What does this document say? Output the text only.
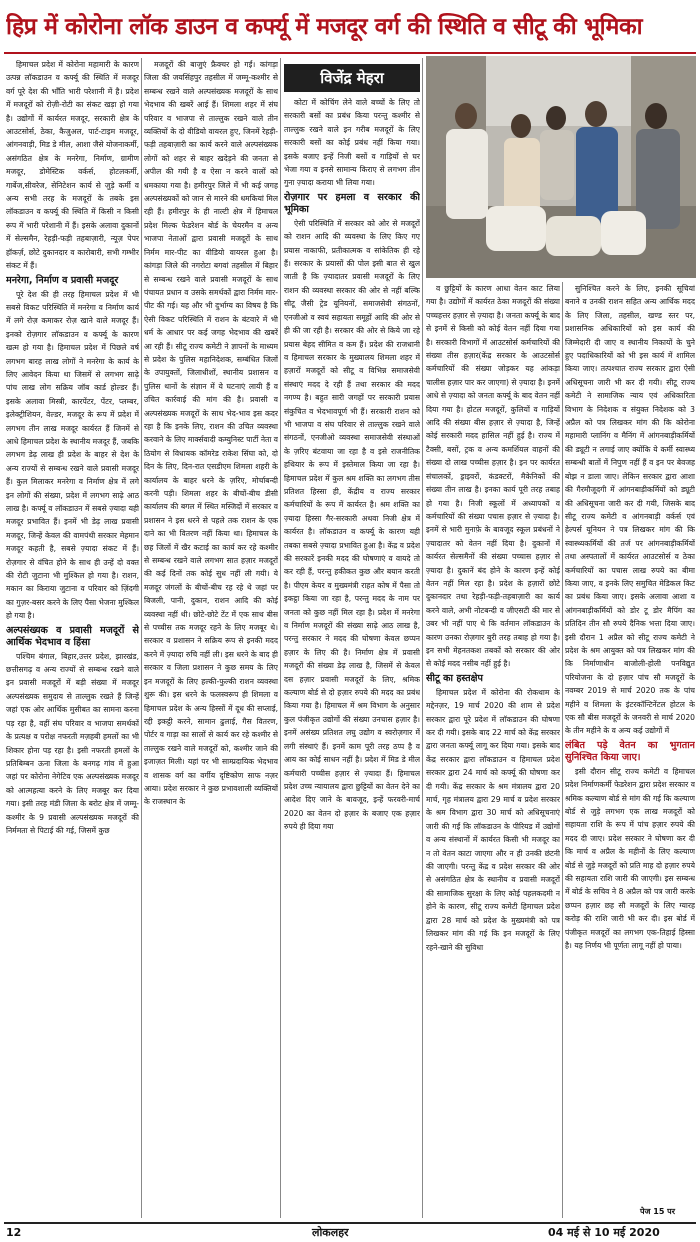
हिप्र में कोरोना लॉक डाउन व कर्फ्यू में मजदूर वर्ग की स्थिति व सीटू की भूमिका

हिमाचल प्रदेश में कोरोना महामारी के कारण उत्पन्न लॉकडाउन व कर्फ्यू की स्थिति में मजदूर वर्ग पूरे देश की भाँति भारी परेशानी में है। प्रदेश में मजदूरों को रोज़ी-रोटी का संकट खड़ा हो गया है। उद्योगों में कार्यरत मजदूर, सरकारी क्षेत्र के आउटसोर्स, ठेका, कैजुअल, पार्ट-टाइम मजदूर, आंगनवाड़ी, मिड डे मील, आशा जैसे योजनाकर्मी, असंगठित क्षेत्र के मनरेगा, निर्माण, ग्रामीण मजदूर, डोमेस्टिक वर्कर्स, होटलकर्मी, गार्बेज,सीवरेज, सेनिटेशन कार्य से जुड़े कर्मी व अन्य सभी तरह के मजदूरों के तबके इस लॉकडाउन व कर्फ्यू की स्थिति में किसी न किसी रूप में भारी परेशानी में हैं। इसके अलावा दुकानों में सेल्समैन, रेहड़ी-फड़ी तहबाज़ारी, न्यूज़ पेपर हॉकर्ज़, छोटे दुकानदार व कारोबारी, सभी गम्भीर संकट में हैं।

मनरेगा, निर्माण व प्रवासी मजदूर

पूरे देश की ही तरह हिमाचल प्रदेश में भी सबसे विकट परिस्थिति में मनरेगा व निर्माण कार्य में लगे रोज़ कमाकर रोज़ खाने वाले मजदूर हैं। इनको रोज़गार लॉकडाउन व कर्फ्यू के कारण खत्म हो गया है। हिमाचल प्रदेश में पिछले वर्ष लगभग बारह लाख लोगों ने मनरेगा के कार्य के लिए आवेदन किया था जिसमें से लगभग साढ़े पांच लाख लोग सक्रिय जॉब कार्ड होल्डर हैं। इसके अलावा मिस्त्री, कारपेंटर, पेंटर, प्लम्बर, इलेक्ट्रीशियन, वेल्डर, मजदूर के रूप में प्रदेश में लगभग तीन लाख मजदूर कार्यरत हैं जिनमें से आधे हिमाचल प्रदेश के स्थानीय मजदूर हैं, जबकि लगभग डेढ़ लाख ही प्रदेश के बाहर से देश के अन्य राज्यों से सम्बन्ध रखने वाले प्रवासी मजदूर हैं। कुल मिलाकर मनरेगा व निर्माण क्षेत्र में लगे इन लोगों की संख्या, प्रदेश में लगभग साढ़े आठ लाख है। कर्फ्यू व लॉकडाउन में सबसे ज़्यादा यही मजदूर प्रभावित हैं। इनमें भी डेढ़ लाख प्रवासी मजदूर, जिन्हें केवल की वामपंथी सरकार मेहमान मजदूर कहती है, सबसे ज़्यादा संकट में हैं। रोज़गार से वंचित होने के साथ ही उन्हें दो वक्त की रोटी जुटाना भी मुश्किल हो गया है। राशन, मकान का किराया जुटाना व परिवार को ज़िंदगी का गुज़र-बसर करने के लिए पैसा भेजना मुश्किल हो गया है।

अल्पसंख्यक व प्रवासी मजदूरों से आर्थिक भेदभाव व हिंसा

पश्चिम बंगाल, बिहार,उत्तर प्रदेश, झारखंड, छत्तीसगढ़ व अन्य राज्यों से सम्बन्ध रखने वाले इन प्रवासी मजदूरों में बड़ी संख्या में मजदूर अल्पसंख्यक समुदाय से ताल्लुक रखते हैं जिन्हें जहां एक ओर आर्थिक मुसीबत का सामना करना पड़ रहा है, वहीं संघ परिवार व भाजपा समर्थकों के प्रत्यक्ष व परोक्ष नफरती मज़हबी हमलों का भी शिकार होना पड़ रहा है। इसी नफरती हमलों के प्रतिबिम्बन ऊना जिला के बनगढ़ गांव में हुआ जहां पर कोरोना नेगेटिव एक अल्पसंख्यक मजदूर को आत्महत्या करने के लिए मजबूर कर दिया गया। इसी तरह मंडी जिला के बरोट क्षेत्र में जम्मू-कश्मीर के 9 प्रवासी अल्पसंख्यक मजदूरों की निर्ममता से पिटाई की गई, जिसमें कुछ

मजदूरों की बाजुएं फ्रैक्चर हो गईं। कांगड़ा जिला की जयसिंहपुर तहसील में जम्मू-कश्मीर से सम्बन्ध रखने वाले अल्पसंख्यक मजदूरों के साथ भेदभाव की खबरें आई हैं। शिमला शहर में संघ परिवार व भाजपा से ताल्लुक रखने वाले तीन व्यक्तियों के दो वीडियो वायरल हुए, जिनमें रेहड़ी-फड़ी तहबाज़ारी का कार्य करने वाले अल्पसंख्यक लोगों को शहर से बाहर खदेड़ने की जनता से अपील की गयी है व ऐसा न करने वालों को धमकाया गया है। हमीरपुर जिले में भी कई जगह अल्पसंख्यकों को जान से मारने की धमकियां मिल रही हैं। हमीरपुर के ही नाल्टी क्षेत्र में हिमाचल प्रदेश मिल्क फेडरेशन बोर्ड के चेयरमैन व अन्य भाजपा नेताओं द्वारा प्रवासी मजदूरों के साथ निर्मम मार-पीट का वीडियो वायरल हुआ है। कांगड़ा जिले की नगरोटा बगवां तहसील में बिहार से सम्बन्ध रखने वाले प्रवासी मजदूरों के साथ पंचायत प्रधान व उसके समर्थकों द्वारा निर्मम मार-पीट की गई। यह और भी दुर्भाग्य का विषय है कि ऐसी विकट परिस्थिति में राशन के बंटवारे में भी धर्म के आधार पर कई जगह भेदभाव की खबरें आ रही हैं। सीटू राज्य कमेटी ने ज्ञापनों के माध्यम से प्रदेश के पुलिस महानिदेशक, सम्बंधित जिलों के उपायुक्तों, जिलाधीशों, स्थानीय प्रशासन व पुलिस थानों के संज्ञान में ये घटनाएं लायी हैं व उचित कार्रवाई की मांग की है। प्रवासी व अल्पसंख्यक मजदूरों के साथ भेद-भाव इस कदर रहा है कि इनके लिए, राशन की उचित व्यवस्था करवाने के लिए मार्क्सवादी कम्युनिस्ट पार्टी नेता व ठियोग से विधायक कॉमरेड राकेश सिंघा को, दो दिन के लिए, दिन-रात एसडीएम शिमला शहरी के कार्यालय के बाहर धरने के ज़रिए, मोर्चाबन्दी करनी पड़ी। शिमला शहर के बीचों-बीच डीसी कार्यालय की बगल में स्थित मस्जिदों में सरकार व प्रशासन ने इस धरने से पहले तक राशन के एक दाने का भी वितरण नहीं किया था। हिमाचल के छह जिलों में खैर कटाई का कार्य कर रहे कश्मीर से सम्बन्ध रखने वाले लगभग सात हज़ार मजदूरों की कई दिनों तक कोई सुध नहीं ली गयी। ये मजदूर जंगलों के बीचों-बीच रह रहे थे जहां पर बिजली, पानी, दुकान, राशन आदि की कोई व्यवस्था नहीं थी। छोटे-छोटे टेंट में एक साथ बीस से पच्चीस तक मजदूर रहने के लिए मजबूर थे। सरकार व प्रशासन ने सक्रिय रूप से इनकी मदद करने में ज़्यादा रुचि नहीं ली। इस धरने के बाद ही सरकार व जिला प्रशासन ने कुछ समय के लिए इन मजदूरों के लिए हल्की-फुल्की राशन व्यवस्था शुरू की। इस धरने के फलस्वरूप ही शिमला व हिमाचल प्रदेश के अन्य हिस्सों में दूध की सप्लाई, रद्दी इकट्ठी करने, सामान ढुलाई, गैस वितरण, पोर्टर व गाड़ा का सालों से कार्य कर रहे कश्मीर से ताल्लुक रखने वाले मजदूरों को, कश्मीर जाने की इजाज़त मिली। यहां पर भी साम्प्रदायिक भेदभाव व शासक वर्ग का वर्गीय दृष्टिकोण साफ नज़र आया। प्रदेश सरकार ने कुछ प्रभावशाली व्यक्तियों के राजस्थान के

विजेंद्र मेहरा

कोटा में कोचिंग लेने वाले बच्चों के लिए तो सरकारी बसों का प्रबंध किया परन्तु कश्मीर से ताल्लुक रखने वाले इन गरीब मजदूरों के लिए सरकारी बसों का कोई प्रबंध नहीं किया गया। इसके बजाए इन्हें निजी बसों व गाड़ियों से घर भेजा गया व इनसे सामान्य किराए से लगभग तीन गुना ज़्यादा कराया भी लिया गया।

रोज़गार पर हमला व सरकार की भूमिका

ऐसी परिस्थिति में सरकार को ओर से मजदूरों को राशन आदि की व्यवस्था के लिए किए गए प्रयास नाकाफी, प्रतीकात्मक व सांकेतिक ही रहे हैं। सरकार के प्रयासों की पोल इसी बात से खुल जाती है कि ज़्यादातर प्रवासी मजदूरों के लिए राशन की व्यवस्था सरकार की ओर से नहीं बल्कि सीटू जैसी ट्रेड यूनियनों, समाजसेवी संगठनों, एनजीओ व स्वयं सहायता समूहों आदि की ओर से ही की जा रही है। सरकार की ओर से किये जा रहे प्रयास बेहद सीमित व कम हैं। प्रदेश की राजधानी व हिमाचल सरकार के मुख्यालय शिमला शहर में हज़ारों मजदूरों को सीटू व विभिन्न समाजसेवी संस्थाएं मदद दे रही हैं तथा सरकार की मदद नगण्य है। बहुत सारी जगहों पर सरकारी प्रयास संकुचित व भेदभावपूर्ण भी हैं। सरकारी राशन को भी भाजपा व संघ परिवार से ताल्लुक रखने वाले संगठनों, एनजीओ व्यवस्था समाजसेवी संस्थाओं के ज़रिए बंटवाया जा रहा है व इसे राजनीतिक हथियार के रूप में इस्तेमाल किया जा रहा है। हिमाचल प्रदेश में कुल श्रम शक्ति का लगभग तीस प्रतिशत हिस्सा ही, केंद्रीय व राज्य सरकार कर्मचारियों के रूप में कार्यरत है। श्रम शक्ति का ज़्यादा हिस्सा गैर-सरकारी अथवा निजी क्षेत्र में कार्यरत है। लॉकडाउन व कर्फ्यू के कारण यही तबका सबसे ज़्यादा प्रभावित हुआ है। केंद्र व प्रदेश की सरकारें इनकी मदद की घोषणाएं व वायदे तो कर रही हैं, परन्तु हकीकत कुछ और बयान करती है। पीएम केयर व मुख्यमंत्री राहत कोष में पैसा तो इकट्ठा किया जा रहा है, परन्तु मदद के नाम पर जनता को कुछ नहीं मिल रहा है। प्रदेश में मनरेगा व निर्माण मजदूरों की संख्या साढ़े आठ लाख है, परन्तु सरकार ने मदद की घोषणा केवल छप्पन हज़ार के लिए की है। निर्माण क्षेत्र में प्रवासी मजदूरों की संख्या डेढ़ लाख है, जिसमें से केवल दस हज़ार प्रवासी मजदूरों के लिए, श्रमिक कल्याण बोर्ड से दो हज़ार रुपये की मदद का प्रबंध किया गया है। हिमाचल में श्रम विभाग के अनुसार कुल पंजीकृत उद्योगों की संख्या उनचास हज़ार है। इनमें असंख्य प्रतिशत लघु उद्योग व स्वरोज़गार में लगी संस्थाएं हैं। इनमें काम पूरी तरह ठप्प है व आय का कोई साधन नहीं है। प्रदेश में मिड डे मील कर्मचारी पच्चीस हज़ार से ज़्यादा हैं। हिमाचल प्रदेश उच्च न्यायालय द्वारा छुट्टियों का वेतन देने का आदेश दिए जाने के बावजूद, इन्हें फरवरी-मार्च 2020 का वेतन दो हज़ार के बजाए एक हज़ार रुपये ही दिया गया

व छुट्टियों के कारण आधा वेतन काट लिया गया है। उद्योगों में कार्यरत ठेका मजदूरों की संख्या पच्चहत्तर हज़ार से ज़्यादा है। जनता कर्फ्यू के बाद से इनमें से किसी को कोई वेतन नहीं दिया गया है। सरकारी विभागों में आउटसोर्स कर्मचारियों की संख्या तीस हज़ार(केंद्र सरकार के आउटसोर्स कर्मचारियों की संख्या जोड़कर यह आंकड़ा चालीस हज़ार पार कर जाएगा) से ज़्यादा है। इनमें आधे से ज़्यादा को जनता कर्फ्यू के बाद वेतन नहीं दिया गया है। होटल मजदूरों, कुलियों व गाड़ियों आदि की संख्या बीस हज़ार से ज़्यादा है, जिन्हें कोई सरकारी मदद हासिल नहीं हुई है। राज्य में टैक्सी, बसों, ट्रक व अन्य कमर्शियल वाहनों की संख्या दो लाख पच्चीस हज़ार है। इन पर कार्यरत संचालकों, ड्राइवरों, कंडक्टरों, मैकेनिकों की संख्या तीन लाख है। इनका कार्य पूरी तरह तबाह हो गया है। निजी स्कूलों में अध्यापकों व कर्मचारियों की संख्या पचास हज़ार से ज़्यादा है। इनमें से भारी मुनाफ़े के बावजूद स्कूल प्रबंधनों ने ज़्यादातर को वेतन नहीं दिया है। दुकानों में कार्यरत सेल्समैनों की संख्या पच्चास हज़ार से ज़्यादा है। दुकानें बंद होने के कारण इन्हें कोई वेतन नहीं मिल रहा है। प्रदेश के हज़ारों छोटे दुकानदार तथा रेहड़ी-फड़ी-तहबाज़ारी का कार्य करने वाले, अभी नोटबन्दी व जीएसटी की मार से उबर भी नहीं पाए थे कि वर्तमान लॉकडाउन के कारण उनका रोज़गार बुरी तरह तबाह हो गया है। इन सभी मेहनतकश तबकों को सरकार की ओर से कोई मदद नसीब नहीं हुई है।

सीटू का हस्तक्षेप

हिमाचल प्रदेश में कोरोना की रोकथाम के मद्देनज़र, 19 मार्च 2020 की शाम से प्रदेश सरकार द्वारा पूरे प्रदेश में लॉकडाउन की घोषणा कर दी गयी। इसके बाद 22 मार्च को केंद्र सरकार द्वारा जनता कर्फ्यू लागू कर दिया गया। इसके बाद केंद्र सरकार द्वारा लॉकडाउन व हिमाचल प्रदेश सरकार द्वारा 24 मार्च को कर्फ्यू की घोषणा कर दी गयी। केंद्र सरकार के श्रम मंत्रालय द्वारा 20 मार्च, गृह मंत्रालय द्वारा 29 मार्च व प्रदेश सरकार के श्रम विभाग द्वारा 30 मार्च को अधिसूचनाएं जारी की गईं कि लॉकडाउन के पीरियड में उद्योगों व अन्य संस्थानों में कार्यरत किसी भी मजदूर का न तो वेतन काटा जाएगा और न ही उनकी छंटनी की जाएगी। परन्तु केंद्र व प्रदेश सरकार की ओर से असंगठित क्षेत्र के स्थानीय व प्रवासी मजदूरों की सामाजिक सुरक्षा के लिए कोई पहलकदमी न होने के कारण, सीटू राज्य कमेटी हिमाचल प्रदेश द्वारा 28 मार्च को प्रदेश के मुख्यमंत्री को पत्र लिखकर मांग की गई कि इन मजदूरों के लिए रहने-खाने की सुविधा

सुनिश्चित करने के लिए, इनकी सूचियां बनाने व उनकी राशन सहित अन्य आर्थिक मदद के लिए जिला, तहसील, खण्ड स्तर पर, प्रशासनिक अधिकारियों को इस कार्य की जिम्मेदारी दी जाए व स्थानीय निकायों के चुने हुए पदाधिकारियों को भी इस कार्य में शामिल किया जाए। तत्पश्चात राज्य सरकार द्वारा ऐसी अधिसूचना जारी भी कर दी गयी। सीटू राज्य कमेटी ने सामाजिक न्याय एवं अधिकारिता विभाग के निदेशक व संयुक्त निदेशक को 3 अप्रैल को पत्र लिखकर मांग की कि कोरोना महामारी प्लानिंग व मैनिंग में आंगनबाड़ीकर्मियों की ड्यूटी न लगाई जाए क्योंकि ये कर्मी स्वास्थ्य सम्बन्धी बातों में निपुण नहीं हैं व इन पर बेवजह बोझ न डाला जाए। लेकिन सरकार द्वारा आशा की गैरमौजूदगी में आंगनबाड़ीकर्मियों को ड्यूटी की अधिसूचना जारी कर दी गयी, जिसके बाद सीटू राज्य कमेटी व आंगनबाड़ी वर्कर्स एवं हेल्पर्स यूनियन ने पत्र लिखकर मांग की कि स्वास्थ्यकर्मियों की तर्ज पर आंगनबाड़ीकर्मियों तथा अस्पतालों में कार्यरत आउटसोर्स व ठेका कर्मचारियों का पचास लाख रुपये का बीमा किया जाए, व इनके लिए समुचित मेडिकल किट का प्रबंध किया जाए। इसके अलावा आशा व आंगनबाड़ीकर्मियों को डोर टू डोर मैपिंग का प्रतिदिन तीन सौ रुपये दैनिक भत्ता दिया जाए। इसी दौरान 1 अप्रैल को सीटू राज्य कमेटी ने प्रदेश के श्रम आयुक्त को पत्र लिखकर मांग की कि निर्माणाधीन बाजोली-होली पनविद्युत परियोजना के दो हज़ार पांच सौ मजदूरों के नवम्बर 2019 से मार्च 2020 तक के पांच महीने व शिमला के इंटरकॉन्टिनेंटल होटल के एक सौ बीस मजदूरों के जनवरी से मार्च 2020 के तीन महीने के व अन्य कई उद्योगों में

लंबित पड़े वेतन का भुगतान सुनिश्चित किया जाए।

इसी दौरान सीटू राज्य कमेटी व हिमाचल प्रदेश निर्माणकर्मी फेडरेशन द्वारा प्रदेश सरकार व श्रमिक कल्याण बोर्ड से मांग की गई कि कल्याण बोर्ड से जुड़े लगभग एक लाख मजदूरों को सहायता राशि के रूप में पांच हज़ार रुपये की मदद दी जाए। प्रदेश सरकार ने घोषणा कर दी कि मार्च व अप्रैल के महीनों के लिए कल्याण बोर्ड से जुड़े मजदूरों को प्रति माह दो हज़ार रुपये की सहायता राशि जारी की जाएगी। इस सम्बन्ध में बोर्ड के सचिव ने 8 अप्रैल को पत्र जारी करके छप्पन हज़ार छह सौ मजदूरों के लिए ग्यारह करोड़ की राशि जारी भी कर दी। इस बोर्ड में पंजीकृत मजदूरों का लगभग एक-तिहाई हिस्सा है। यह निर्णय भी पूर्णतः लागू नहीं हो पाया।

पेज 15 पर
12	लोकलहर	04 मई से 10 मई 2020
